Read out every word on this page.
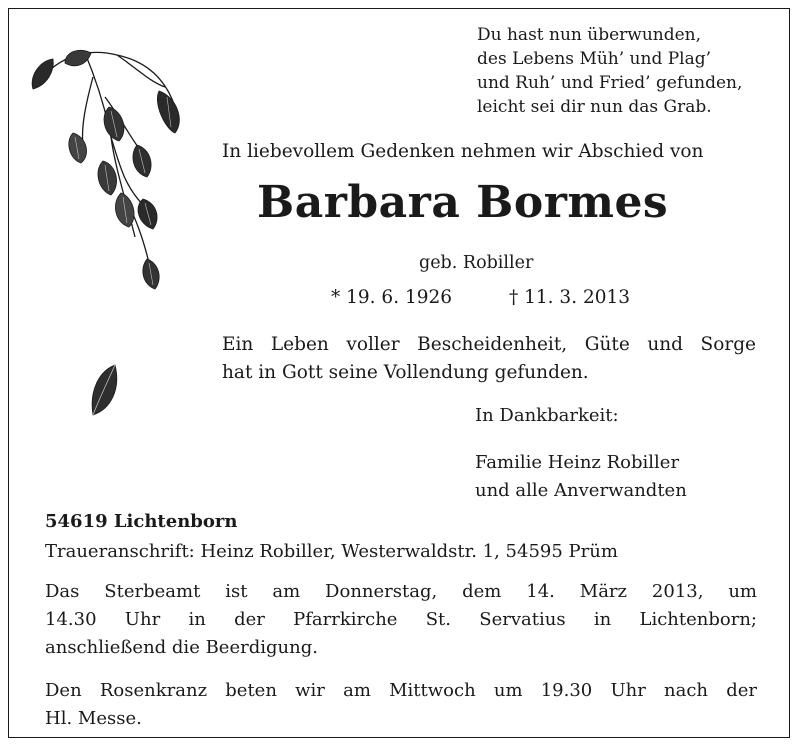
Du hast nun überwunden,
des Lebens Müh’ und Plag’
und Ruh’ und Fried’ gefunden,
leicht sei dir nun das Grab.
In liebevollem Gedenken nehmen wir Abschied von
Barbara Bormes
geb. Robiller
* 19. 6. 1926	† 11. 3. 2013
Ein Leben voller Bescheidenheit, Güte und Sorge
hat in Gott seine Vollendung gefunden.
In Dankbarkeit:
Familie Heinz Robiller
und alle Anverwandten
54619 Lichtenborn
Traueranschrift: Heinz Robiller, Westerwaldstr. 1, 54595 Prüm
Das Sterbeamt ist am Donnerstag, dem 14. März 2013, um
14.30 Uhr in der Pfarrkirche St. Servatius in Lichtenborn;
anschließend die Beerdigung.
Den Rosenkranz beten wir am Mittwoch um 19.30 Uhr nach der
Hl. Messe.
